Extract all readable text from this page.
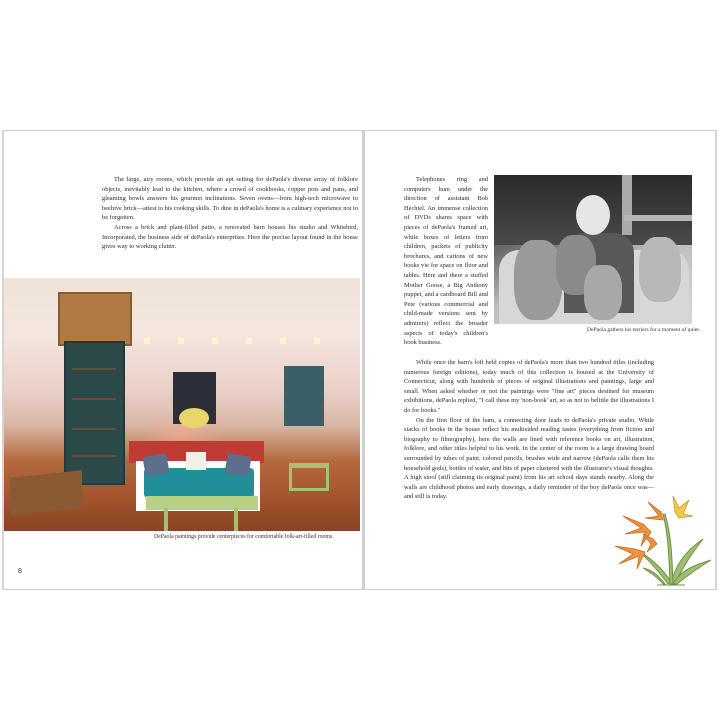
The large, airy rooms, which provide an apt setting for dePaola's diverse array of folklore objects, inevitably lead to the kitchen, where a crowd of cookbooks, copper pots and pans, and gleaming bowls answers his gourmet inclinations. Seven ovens—from high-tech microwave to beehive brick—attest to his cooking skills. To dine in dePaola's home is a culinary experience not to be forgotten.

Across a brick and plant-filled patio, a renovated barn houses his studio and Whitebird, Incorporated, the business side of dePaola's enterprises. Here the precise layout found in the house gives way to working clutter.

DePaola paintings provide centerpieces for comfortable folk-art-filled rooms.
8

Telephones ring and computers hum under the direction of assistant Bob Hechtel. An immense collection of DVDs shares space with pieces of dePaola's framed art, while boxes of letters from children, packets of publicity brochures, and cartons of new books vie for space on floor and tables. Here and there a stuffed Mother Goose, a Big Anthony puppet, and a cardboard Bill and Pete (various commercial and child-made versions sent by admirers) reflect the broader aspects of today's children's book business.

DePaola gathers his terriers for a moment of quiet.

While once the barn's loft held copies of dePaola's more than two hundred titles (including numerous foreign editions), today much of this collection is housed at the University of Connecticut, along with hundreds of pieces of original illustrations and paintings, large and small. When asked whether or not the paintings were "fine art" pieces destined for museum exhibitions, dePaola replied, "I call these my 'non-book' art, so as not to belittle the illustrations I do for books."

On the first floor of the barn, a connecting door leads to dePaola's private studio. While stacks of books in the house reflect his multisided reading tastes (everything from fiction and biography to filmography), here the walls are lined with reference books on art, illustration, folklore, and other titles helpful to his work. In the center of the room is a large drawing board surrounded by tubes of paint, colored pencils, brushes wide and narrow (dePaola calls them his household gods), bottles of water, and bits of paper clustered with the illustrator's visual thoughts. A high stool (still claiming its original paint) from his art school days stands nearby. Along the walls are childhood photos and early drawings, a daily reminder of the boy dePaola once was—and still is today.
